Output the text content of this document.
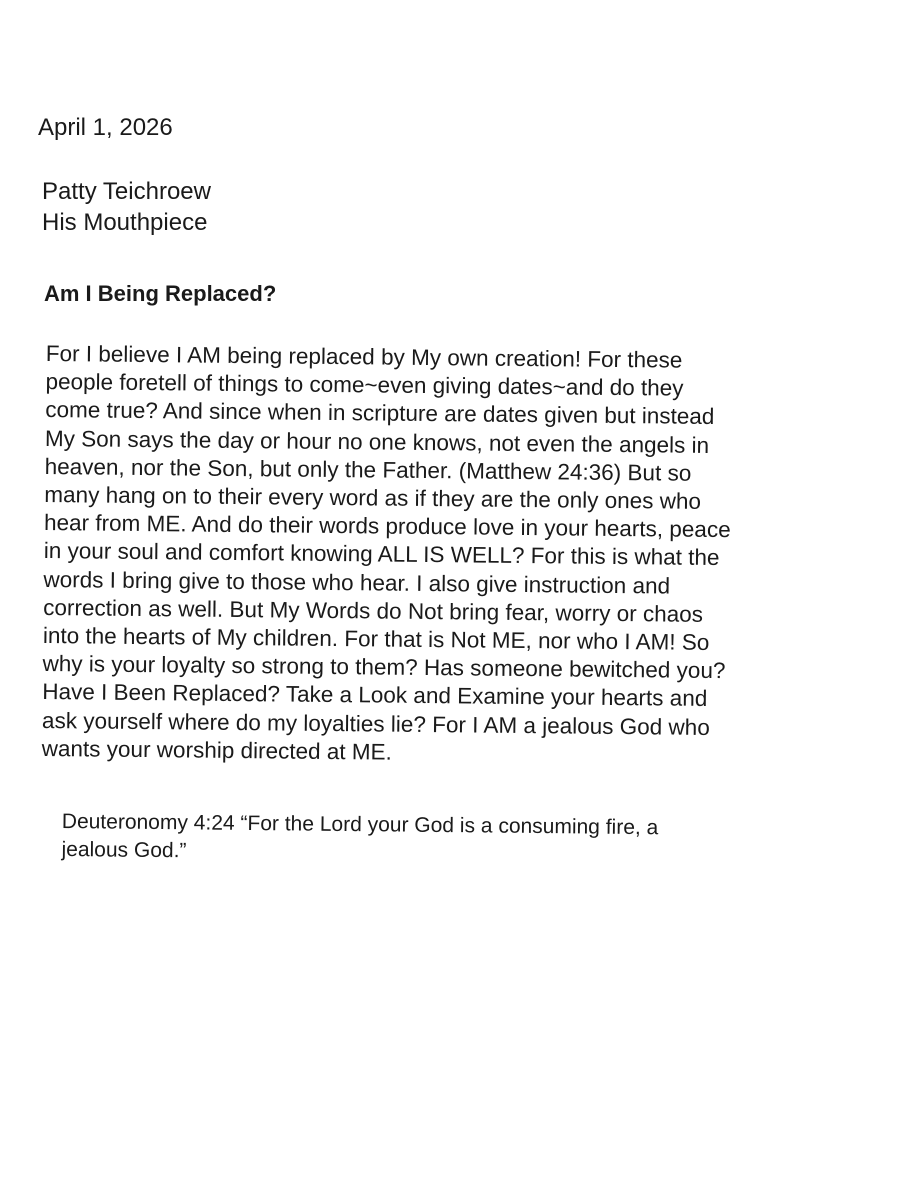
April 1, 2026
Patty Teichroew
His Mouthpiece
Am I Being Replaced?
For I believe I AM being replaced by My own creation! For these
people foretell of things to come~even giving dates~and do they
come true? And since when in scripture are dates given but instead
My Son says the day or hour no one knows, not even the angels in
heaven, nor the Son, but only the Father. (Matthew 24:36) But so
many hang on to their every word as if they are the only ones who
hear from ME. And do their words produce love in your hearts, peace
in your soul and comfort knowing ALL IS WELL? For this is what the
words I bring give to those who hear. I also give instruction and
correction as well. But My Words do Not bring fear, worry or chaos
into the hearts of My children. For that is Not ME, nor who I AM! So
why is your loyalty so strong to them? Has someone bewitched you?
Have I Been Replaced? Take a Look and Examine your hearts and
ask yourself where do my loyalties lie? For I AM a jealous God who
wants your worship directed at ME.
Deuteronomy 4:24 “For the Lord your God is a consuming fire, a
jealous God.”
